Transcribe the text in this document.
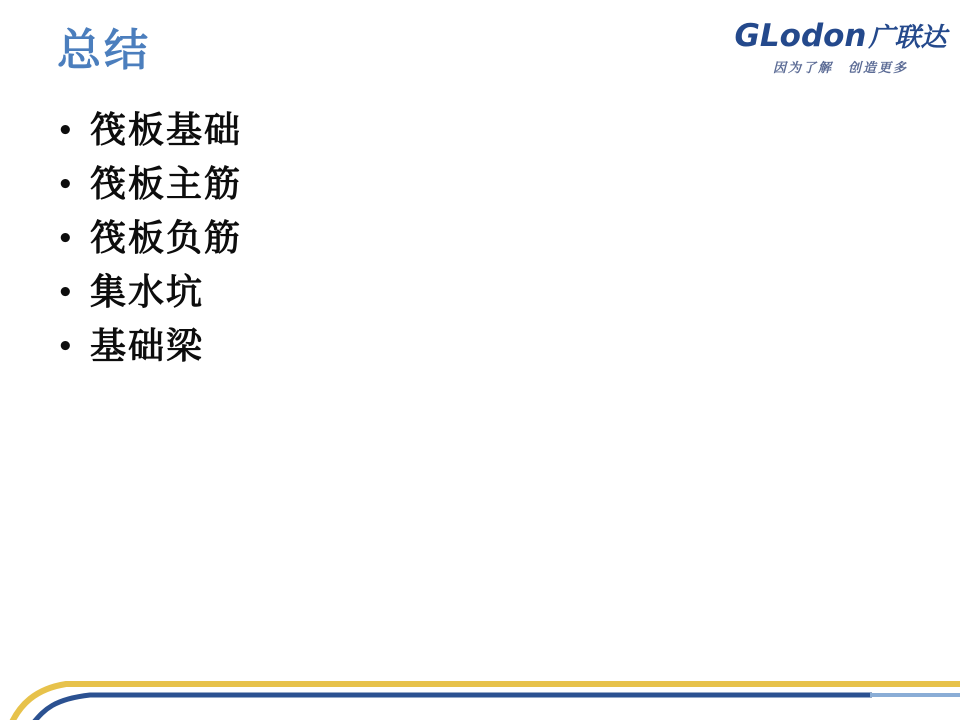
总结	GLodon广联达
因为了解　创造更多
• 筏板基础
• 筏板主筋
• 筏板负筋
• 集水坑
• 基础梁
